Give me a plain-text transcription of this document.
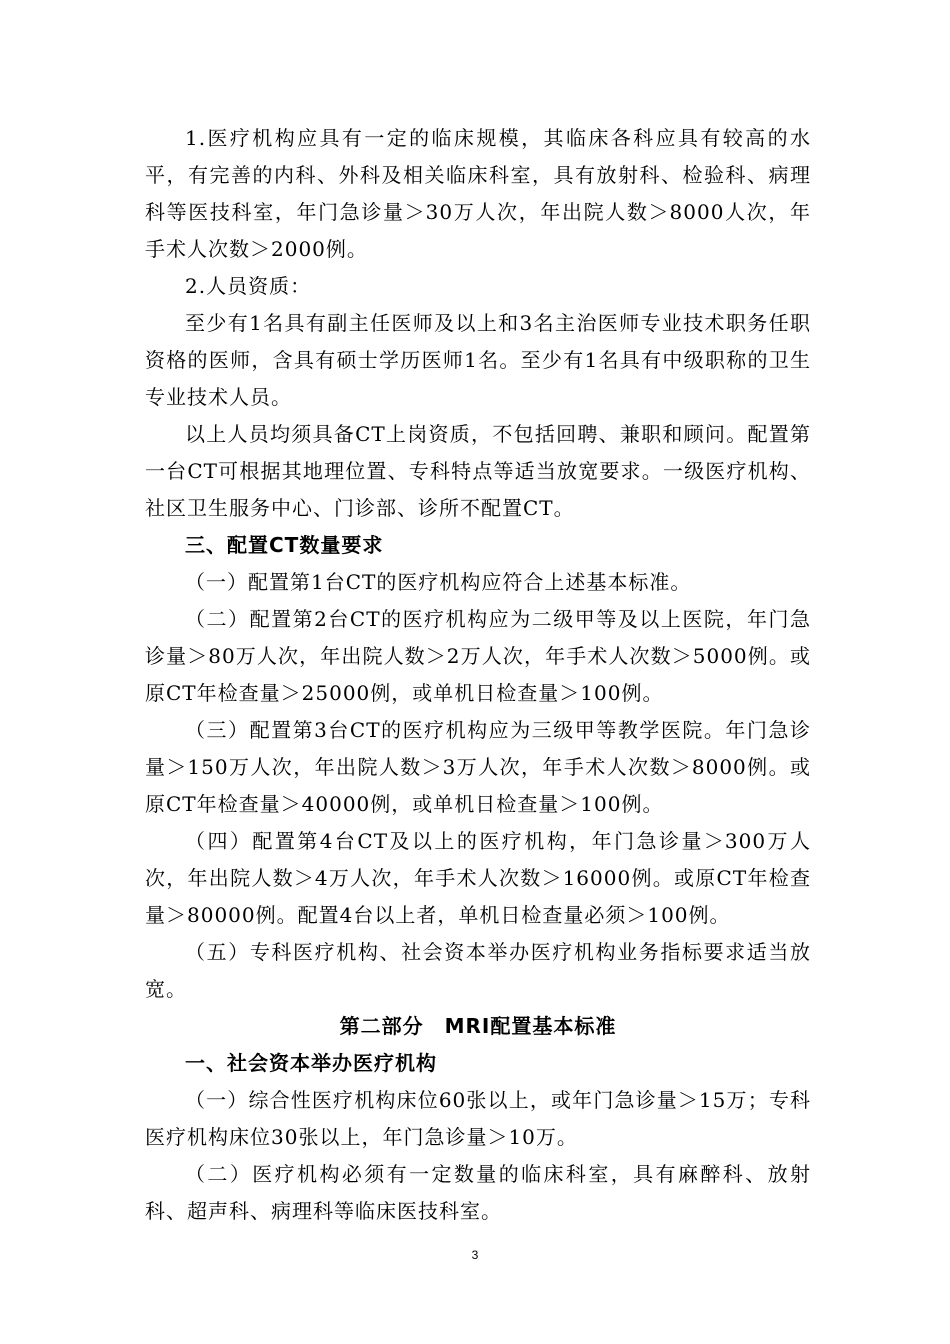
1.医疗机构应具有一定的临床规模，其临床各科应具有较高的水平，有完善的内科、外科及相关临床科室，具有放射科、检验科、病理科等医技科室，年门急诊量＞30万人次，年出院人数＞8000人次，年手术人次数＞2000例。

2.人员资质：

至少有1名具有副主任医师及以上和3名主治医师专业技术职务任职资格的医师，含具有硕士学历医师1名。至少有1名具有中级职称的卫生专业技术人员。

以上人员均须具备CT上岗资质，不包括回聘、兼职和顾问。配置第一台CT可根据其地理位置、专科特点等适当放宽要求。一级医疗机构、社区卫生服务中心、门诊部、诊所不配置CT。

三、配置CT数量要求

（一）配置第1台CT的医疗机构应符合上述基本标准。

（二）配置第2台CT的医疗机构应为二级甲等及以上医院，年门急诊量＞80万人次，年出院人数＞2万人次，年手术人次数＞5000例。或原CT年检查量＞25000例，或单机日检查量＞100例。

（三）配置第3台CT的医疗机构应为三级甲等教学医院。年门急诊量＞150万人次，年出院人数＞3万人次，年手术人次数＞8000例。或原CT年检查量＞40000例，或单机日检查量＞100例。

（四）配置第4台CT及以上的医疗机构，年门急诊量＞300万人次，年出院人数＞4万人次，年手术人次数＞16000例。或原CT年检查量＞80000例。配置4台以上者，单机日检查量必须＞100例。

（五）专科医疗机构、社会资本举办医疗机构业务指标要求适当放宽。

第二部分　MRI配置基本标准
一、社会资本举办医疗机构

（一）综合性医疗机构床位60张以上，或年门急诊量＞15万；专科医疗机构床位30张以上，年门急诊量＞10万。

（二）医疗机构必须有一定数量的临床科室，具有麻醉科、放射科、超声科、病理科等临床医技科室。

3
